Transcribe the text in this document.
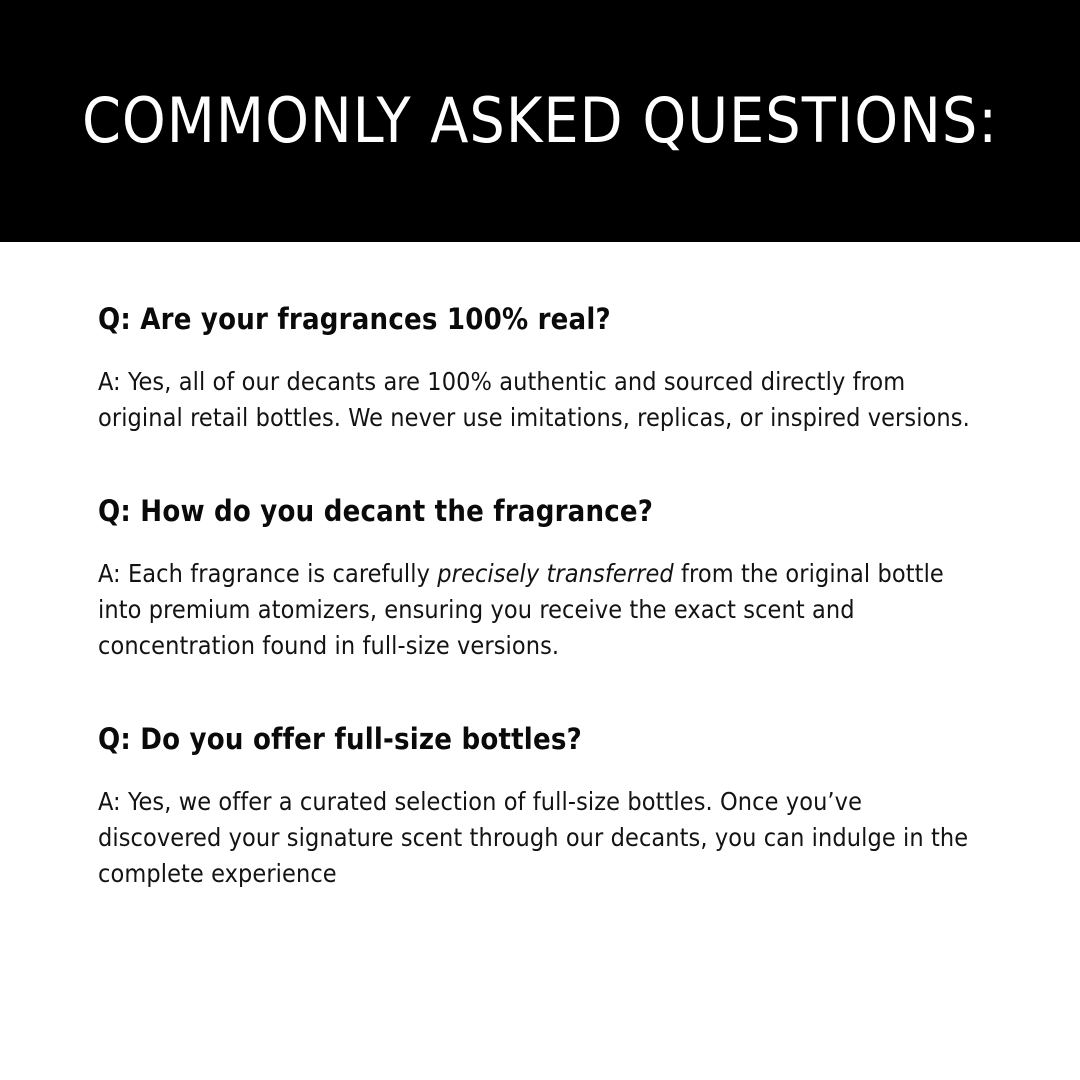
COMMONLY ASKED QUESTIONS:
Q: Are your fragrances 100% real?
A: Yes, all of our decants are 100% authentic and sourced directly from original retail bottles. We never use imitations, replicas, or inspired versions.
Q: How do you decant the fragrance?
A: Each fragrance is carefully precisely transferred from the original bottle into premium atomizers, ensuring you receive the exact scent and concentration found in full-size versions.
Q: Do you offer full-size bottles?
A: Yes, we offer a curated selection of full-size bottles. Once you’ve discovered your signature scent through our decants, you can indulge in the complete experience
